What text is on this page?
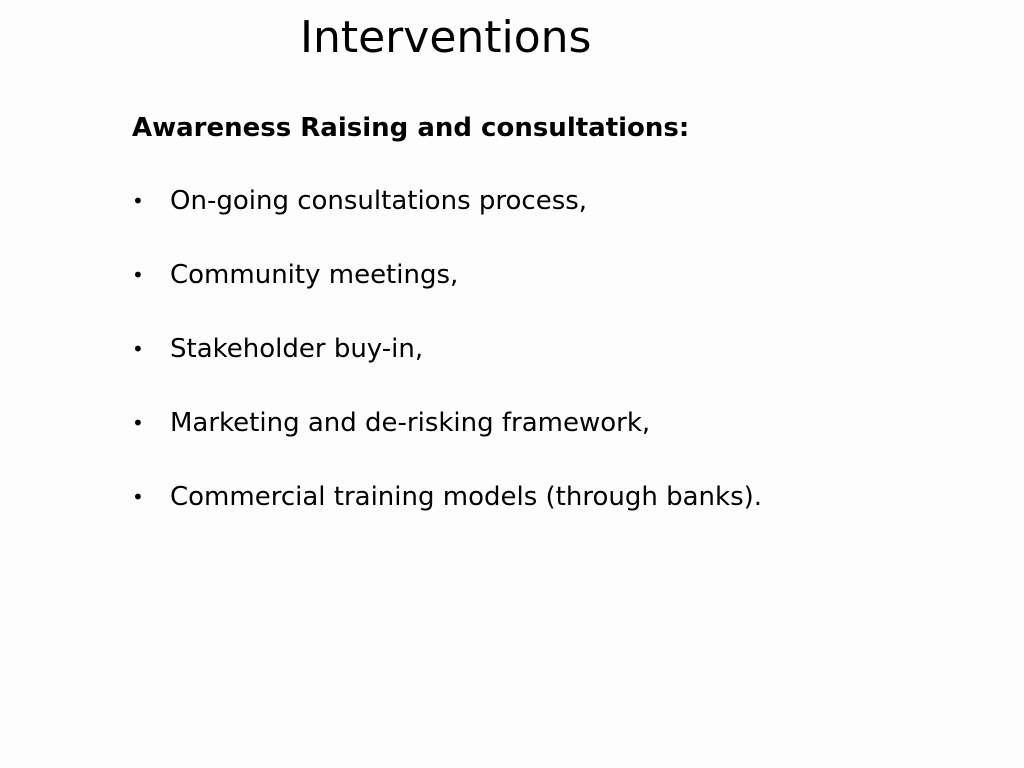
Interventions
Awareness Raising and consultations:
•	On-going consultations process,
•	Community meetings,
•	Stakeholder buy-in,
•	Marketing and de-risking framework,
•	Commercial training models (through banks).
